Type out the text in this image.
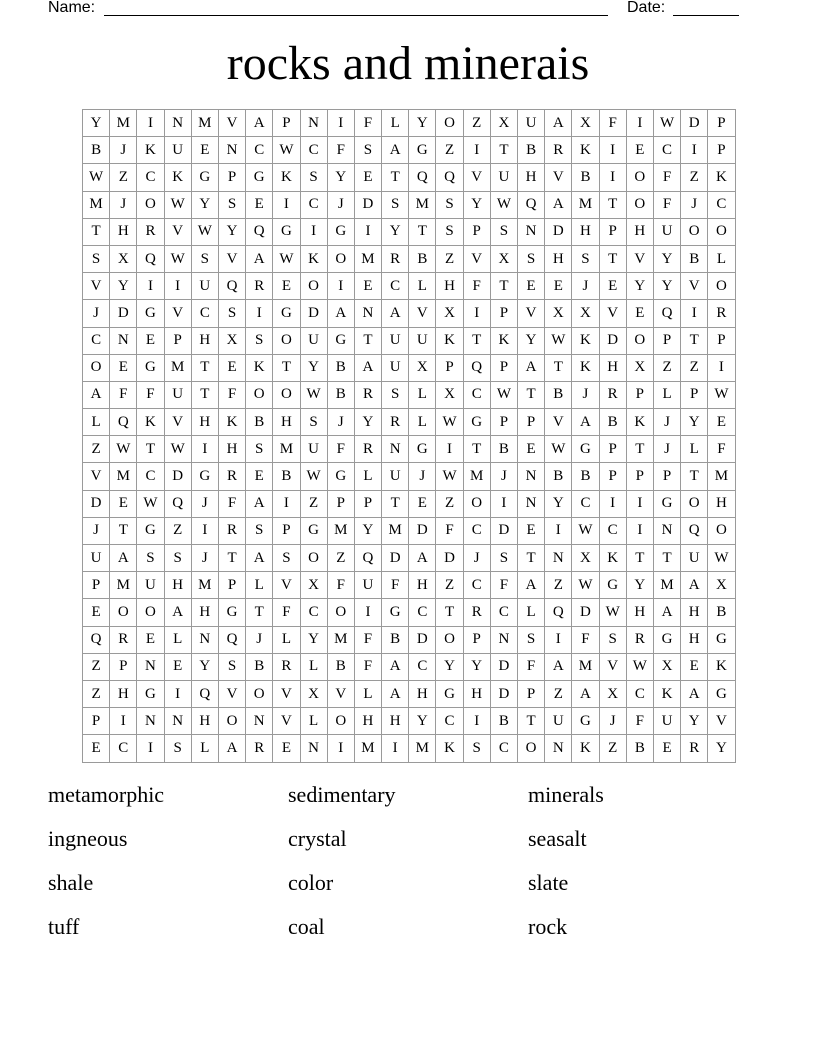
Name:	Date:
rocks and minerais
Y	M	I	N	M	V	A	P	N	I	F	L	Y	O	Z	X	U	A	X	F	I	W	D	P
B	J	K	U	E	N	C	W	C	F	S	A	G	Z	I	T	B	R	K	I	E	C	I	P
W	Z	C	K	G	P	G	K	S	Y	E	T	Q	Q	V	U	H	V	B	I	O	F	Z	K
M	J	O	W	Y	S	E	I	C	J	D	S	M	S	Y	W	Q	A	M	T	O	F	J	C
T	H	R	V	W	Y	Q	G	I	G	I	Y	T	S	P	S	N	D	H	P	H	U	O	O
S	X	Q	W	S	V	A	W	K	O	M	R	B	Z	V	X	S	H	S	T	V	Y	B	L
V	Y	I	I	U	Q	R	E	O	I	E	C	L	H	F	T	E	E	J	E	Y	Y	V	O
J	D	G	V	C	S	I	G	D	A	N	A	V	X	I	P	V	X	X	V	E	Q	I	R
C	N	E	P	H	X	S	O	U	G	T	U	U	K	T	K	Y	W	K	D	O	P	T	P
O	E	G	M	T	E	K	T	Y	B	A	U	X	P	Q	P	A	T	K	H	X	Z	Z	I
A	F	F	U	T	F	O	O	W	B	R	S	L	X	C	W	T	B	J	R	P	L	P	W
L	Q	K	V	H	K	B	H	S	J	Y	R	L	W	G	P	P	V	A	B	K	J	Y	E
Z	W	T	W	I	H	S	M	U	F	R	N	G	I	T	B	E	W	G	P	T	J	L	F
V	M	C	D	G	R	E	B	W	G	L	U	J	W	M	J	N	B	B	P	P	P	T	M
D	E	W	Q	J	F	A	I	Z	P	P	T	E	Z	O	I	N	Y	C	I	I	G	O	H
J	T	G	Z	I	R	S	P	G	M	Y	M	D	F	C	D	E	I	W	C	I	N	Q	O
U	A	S	S	J	T	A	S	O	Z	Q	D	A	D	J	S	T	N	X	K	T	T	U	W
P	M	U	H	M	P	L	V	X	F	U	F	H	Z	C	F	A	Z	W	G	Y	M	A	X
E	O	O	A	H	G	T	F	C	O	I	G	C	T	R	C	L	Q	D	W	H	A	H	B
Q	R	E	L	N	Q	J	L	Y	M	F	B	D	O	P	N	S	I	F	S	R	G	H	G
Z	P	N	E	Y	S	B	R	L	B	F	A	C	Y	Y	D	F	A	M	V	W	X	E	K
Z	H	G	I	Q	V	O	V	X	V	L	A	H	G	H	D	P	Z	A	X	C	K	A	G
P	I	N	N	H	O	N	V	L	O	H	H	Y	C	I	B	T	U	G	J	F	U	Y	V
E	C	I	S	L	A	R	E	N	I	M	I	M	K	S	C	O	N	K	Z	B	E	R	Y
metamorphic	sedimentary	minerals
ingneous	crystal	seasalt
shale	color	slate
tuff	coal	rock
